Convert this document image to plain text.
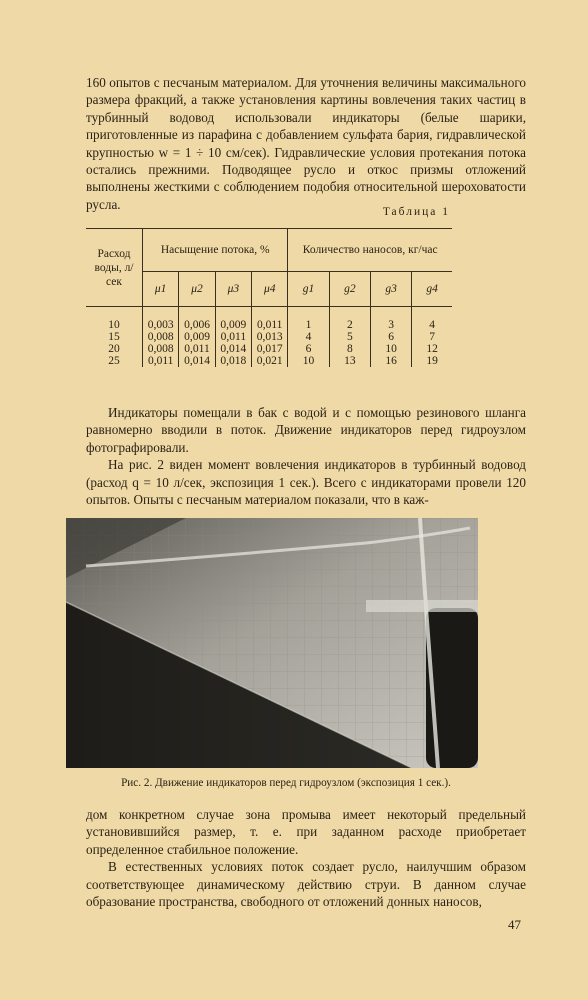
160 опытов с песчаным материалом. Для уточнения величины максимального размера фракций, а также установления картины вовлечения таких частиц в турбинный водовод использовали индикаторы (белые шарики, приготовленные из парафина с добавлением сульфата бария, гидравлической крупностью w = 1 ÷ 10 см/сек). Гидравлические условия протекания потока остались прежними. Подводящее русло и откос призмы отложений выполнены жесткими с соблюдением подобия относительной шероховатости русла.

Таблица 1
Расход воды, л/сек	Насыщение потока, %				Количество наносов, кг/час			
	μ1	μ2	μ3	μ4	g1	g2	g3	g4
10	0,003	0,006	0,009	0,011	1	2	3	4
15	0,008	0,009	0,011	0,013	4	5	6	7
20	0,008	0,011	0,014	0,017	6	8	10	12
25	0,011	0,014	0,018	0,021	10	13	16	19

Индикаторы помещали в бак с водой и с помощью резинового шланга равномерно вводили в поток. Движение индикаторов перед гидроузлом фотографировали.

На рис. 2 виден момент вовлечения индикаторов в турбинный водовод (расход q = 10 л/сек, экспозиция 1 сек.). Всего с индикаторами провели 120 опытов. Опыты с песчаным материалом показали, что в каж-

Рис. 2. Движение индикаторов перед гидроузлом (экспозиция 1 сек.).

дом конкретном случае зона промыва имеет некоторый предельный установившийся размер, т. е. при заданном расходе приобретает определенное стабильное положение.

В естественных условиях поток создает русло, наилучшим образом соответствующее динамическому действию струи. В данном случае образование пространства, свободного от отложений донных наносов,

47
